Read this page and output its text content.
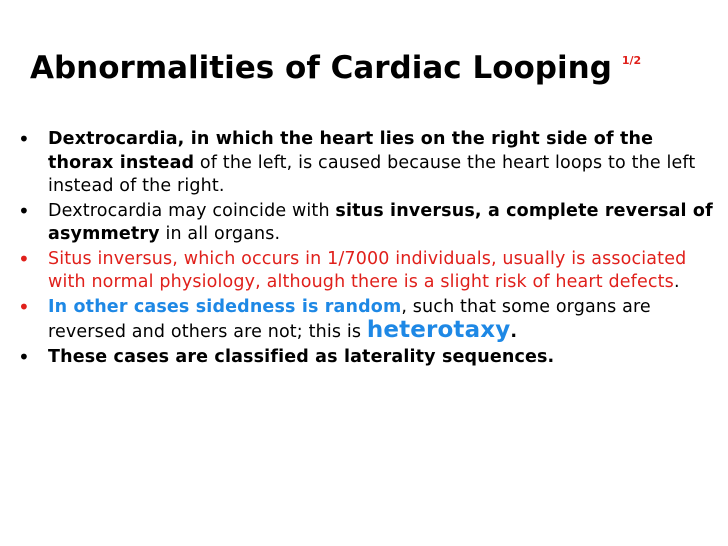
Abnormalities of Cardiac Looping $^{1/2}$
• Dextrocardia, in which the heart lies on the right side of the thorax instead of the left, is caused because the heart loops to the left instead of the right.
• Dextrocardia may coincide with situs inversus, a complete reversal of asymmetry in all organs.
• Situs inversus, which occurs in 1/7000 individuals, usually is associated with normal physiology, although there is a slight risk of heart defects.
• In other cases sidedness is random, such that some organs are reversed and others are not; this is heterotaxy.
• These cases are classified as laterality sequences.
